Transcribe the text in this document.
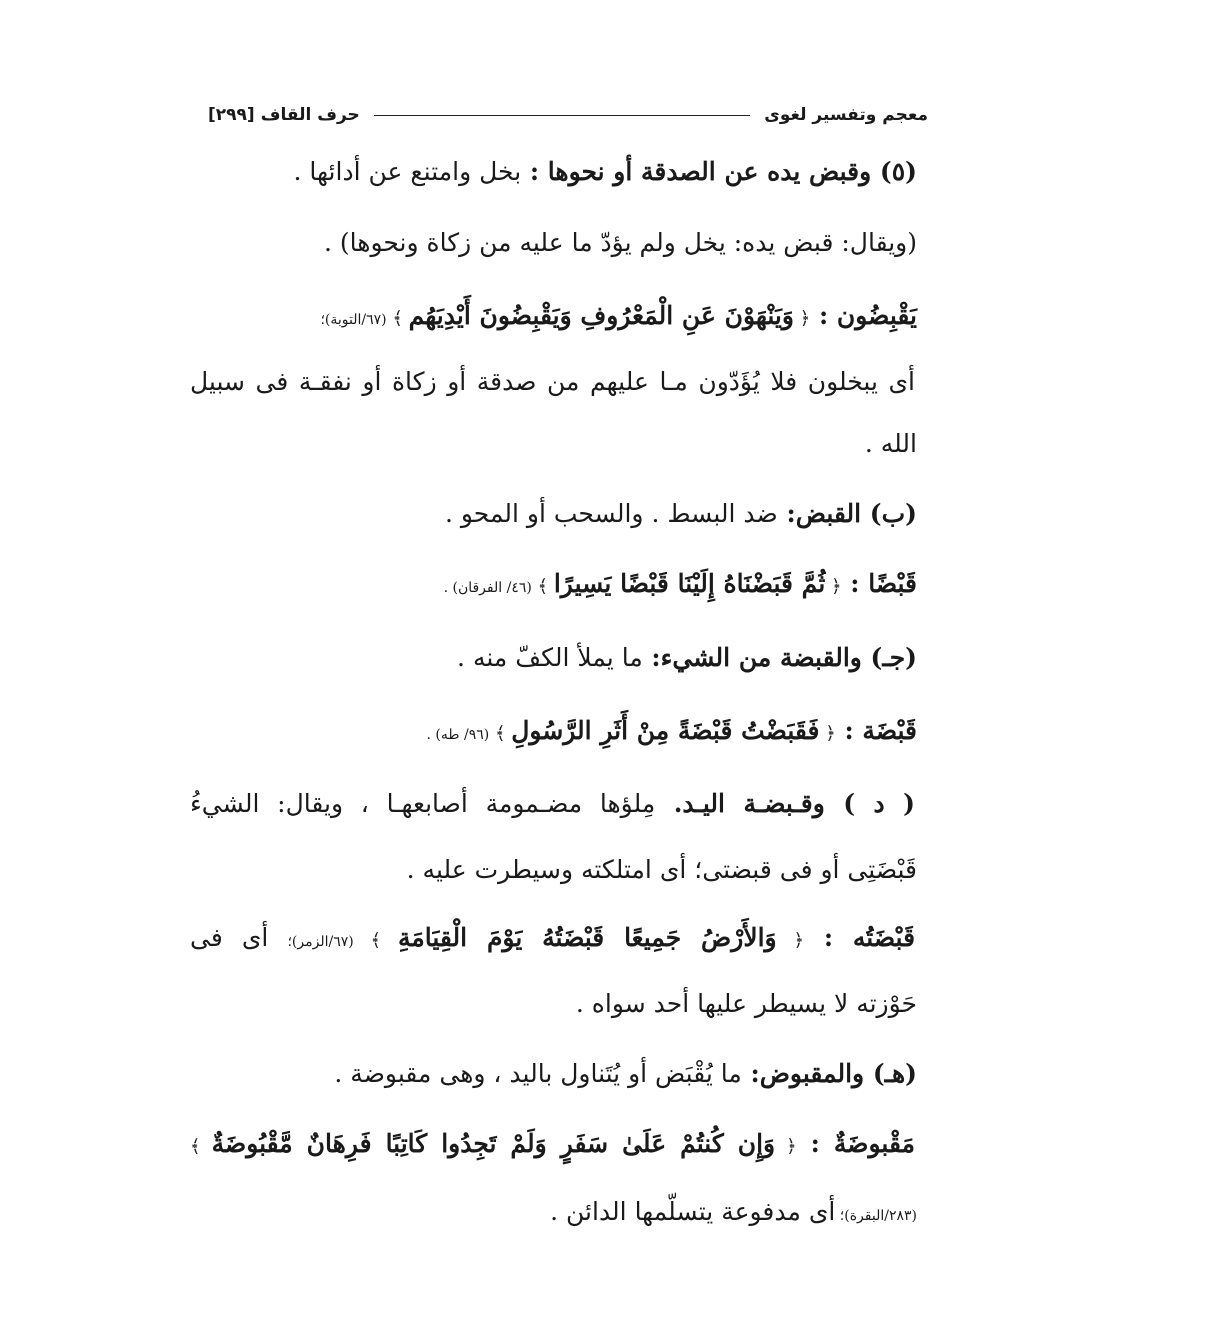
معجم وتفسير لغوى
حرف القاف
[٢٩٩]
(٥) وقبض يده عن الصدقة أو نحوها : بخل وامتنع عن أدائها .
(ويقال: قبض يده: يخل ولم يؤدّ ما عليه من زكاة ونحوها) .
يَقْبِضُون : ﴿ وَيَنْهَوْنَ عَنِ الْمَعْرُوفِ وَيَقْبِضُونَ أَيْدِيَهُم ﴾ (٦٧/التوبة)؛
أى يبخلون فلا يُؤَدّون مـا عليهم من صدقة أو زكاة أو نفقـة فى سبيل
الله .
(ب) القبض: ضد البسط . والسحب أو المحو .
قَبْضًا : ﴿ ثُمَّ قَبَضْنَاهُ إِلَيْنَا قَبْضًا يَسِيرًا ﴾ (٤٦/ الفرقان) .
(جـ) والقبضة من الشيء: ما يملأ الكفّ منه .
قَبْضَة : ﴿ فَقَبَضْتُ قَبْضَةً مِنْ أَثَرِ الرَّسُولِ ﴾ (٩٦/ طه) .
( د ) وقـبضـة اليـد. مِلؤها مضـمومة أصابعهـا ، ويقال: الشيءُ
قَبْضَتِى أو فى قبضتى؛ أى امتلكته وسيطرت عليه .
قَبْضَتُه : ﴿ وَالأَرْضُ جَمِيعًا قَبْضَتُهُ يَوْمَ الْقِيَامَةِ ﴾ (٦٧/الزمر)؛ أى فى
حَوْزته لا يسيطر عليها أحد سواه .
(هـ) والمقبوض: ما يُقْبَض أو يُتَناول باليد ، وهى مقبوضة .
مَقْبوضَةٌ : ﴿ وَإِن كُنتُمْ عَلَىٰ سَفَرٍ وَلَمْ تَجِدُوا كَاتِبًا فَرِهَانٌ مَّقْبُوضَةٌ ﴾
(٢٨٣/البقرة)؛ أى مدفوعة يتسلّمها الدائن .
